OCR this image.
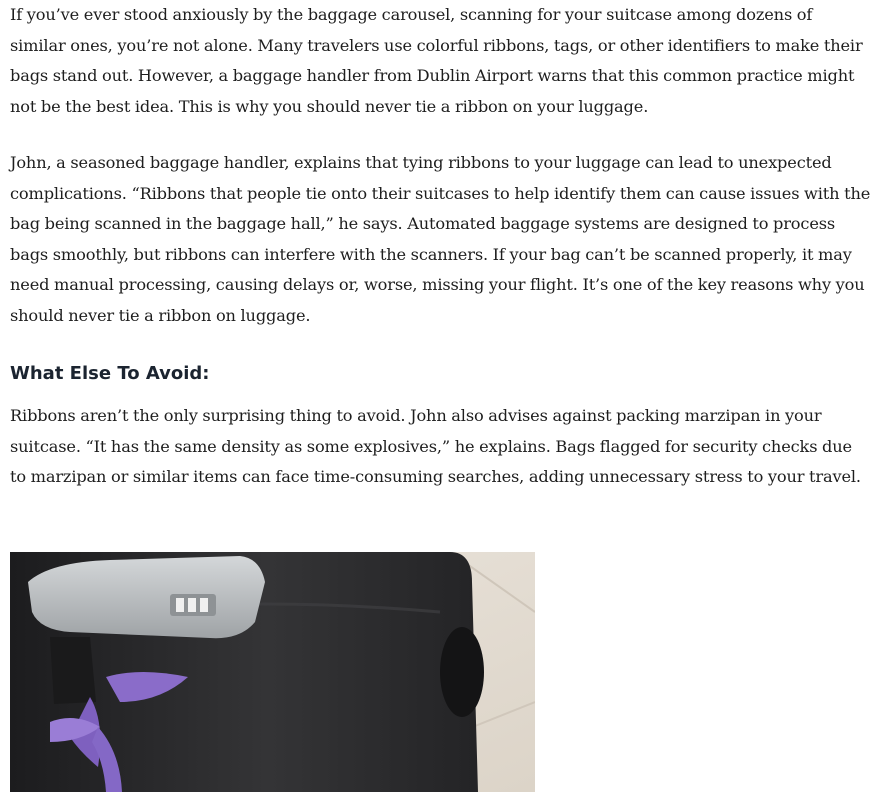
If you’ve ever stood anxiously by the baggage carousel, scanning for your suitcase among dozens of similar ones, you’re not alone. Many travelers use colorful ribbons, tags, or other identifiers to make their bags stand out. However, a baggage handler from Dublin Airport warns that this common practice might not be the best idea. This is why you should never tie a ribbon on your luggage.

John, a seasoned baggage handler, explains that tying ribbons to your luggage can lead to unexpected complications. “Ribbons that people tie onto their suitcases to help identify them can cause issues with the bag being scanned in the baggage hall,” he says. Automated baggage systems are designed to process bags smoothly, but ribbons can interfere with the scanners. If your bag can’t be scanned properly, it may need manual processing, causing delays or, worse, missing your flight. It’s one of the key reasons why you should never tie a ribbon on luggage.

What Else To Avoid:

Ribbons aren’t the only surprising thing to avoid. John also advises against packing marzipan in your suitcase. “It has the same density as some explosives,” he explains. Bags flagged for security checks due to marzipan or similar items can face time-consuming searches, adding unnecessary stress to your travel.
